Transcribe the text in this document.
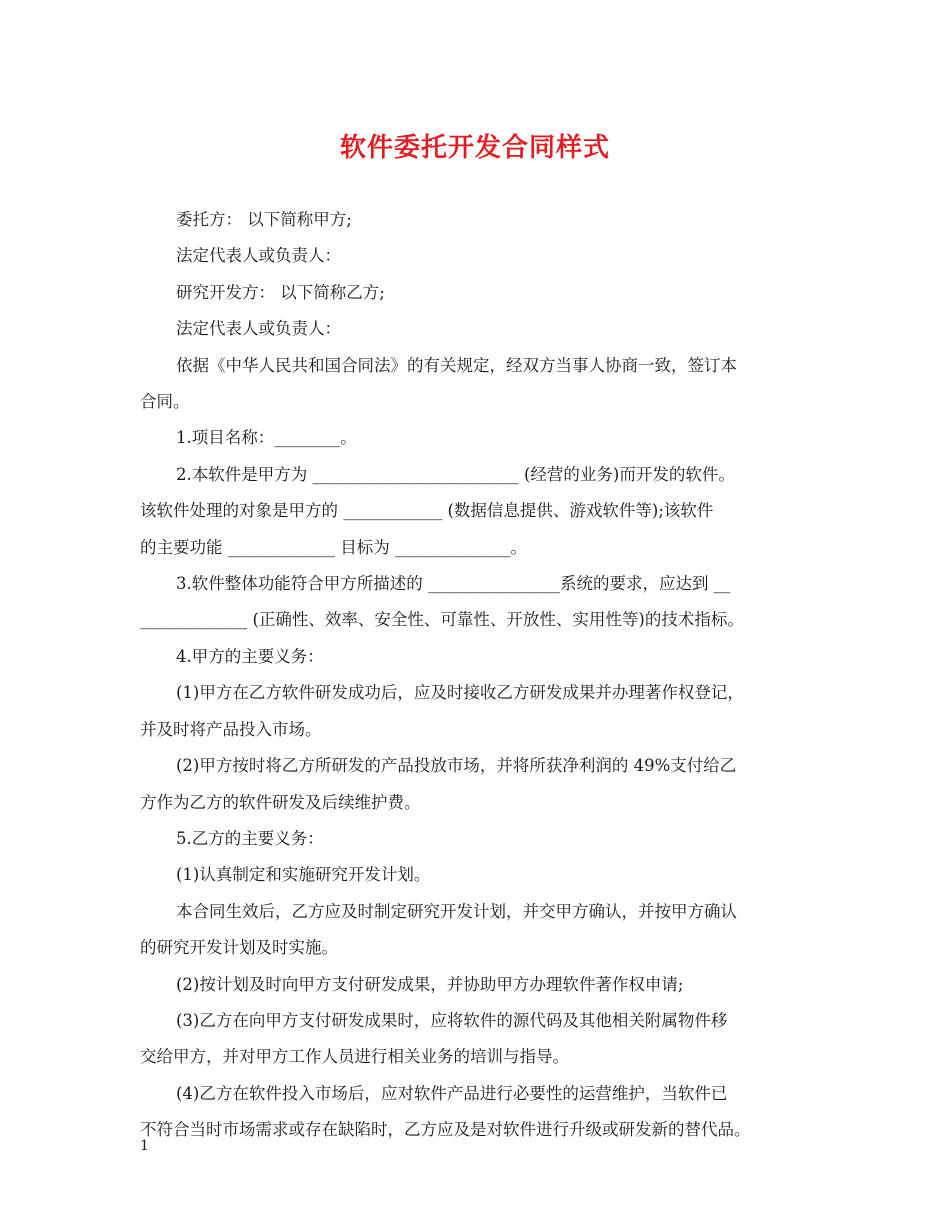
软件委托开发合同样式

委托方： 以下简称甲方;

法定代表人或负责人：

研究开发方： 以下简称乙方;

法定代表人或负责人：

依据《中华人民共和国合同法》的有关规定，经双方当事人协商一致，签订本

合同。

1.项目名称：________。

2.本软件是甲方为 _________________________ (经营的业务)而开发的软件。

该软件处理的对象是甲方的 ____________ (数据信息提供、游戏软件等);该软件

的主要功能 _____________ 目标为 ______________。

3.软件整体功能符合甲方所描述的 ________________系统的要求，应达到 __

_____________ (正确性、效率、安全性、可靠性、开放性、实用性等)的技术指标。

4.甲方的主要义务：

(1)甲方在乙方软件研发成功后，应及时接收乙方研发成果并办理著作权登记，

并及时将产品投入市场。

(2)甲方按时将乙方所研发的产品投放市场，并将所获净利润的 49%支付给乙

方作为乙方的软件研发及后续维护费。

5.乙方的主要义务：

(1)认真制定和实施研究开发计划。

本合同生效后，乙方应及时制定研究开发计划，并交甲方确认，并按甲方确认

的研究开发计划及时实施。

(2)按计划及时向甲方支付研发成果，并协助甲方办理软件著作权申请;

(3)乙方在向甲方支付研发成果时，应将软件的源代码及其他相关附属物件移

交给甲方，并对甲方工作人员进行相关业务的培训与指导。

(4)乙方在软件投入市场后，应对软件产品进行必要性的运营维护，当软件已

不符合当时市场需求或存在缺陷时，乙方应及是对软件进行升级或研发新的替代品。

1
